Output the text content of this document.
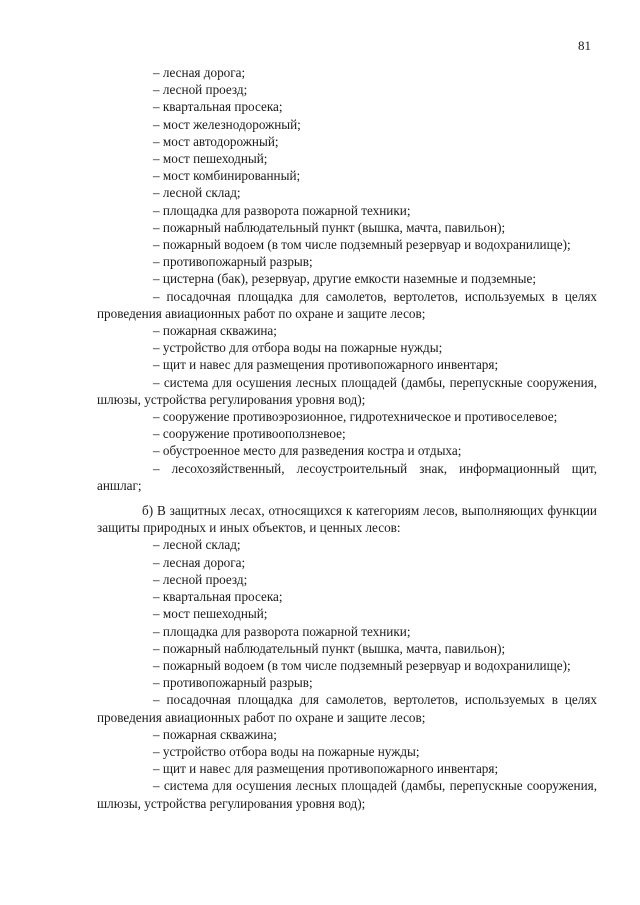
81

– лесная дорога;

– лесной проезд;

– квартальная просека;

– мост железнодорожный;

– мост автодорожный;

– мост пешеходный;

– мост комбинированный;

– лесной склад;

– площадка для разворота пожарной техники;

– пожарный наблюдательный пункт (вышка, мачта, павильон);

– пожарный водоем (в том числе подземный резервуар и водохранилище);

– противопожарный разрыв;

– цистерна (бак), резервуар, другие емкости наземные и подземные;

– посадочная площадка для самолетов, вертолетов, используемых в целях проведения авиационных работ по охране и защите лесов;

– пожарная скважина;

– устройство для отбора воды на пожарные нужды;

– щит и навес для размещения противопожарного инвентаря;

– система для осушения лесных площадей (дамбы, перепускные сооружения, шлюзы, устройства регулирования уровня вод);

– сооружение противоэрозионное, гидротехническое и противоселевое;

– сооружение противооползневое;

– обустроенное место для разведения костра и отдыха;

– лесохозяйственный, лесоустроительный знак, информационный щит, аншлаг;

б) В защитных лесах, относящихся к категориям лесов, выполняющих функции защиты природных и иных объектов, и ценных лесов:

– лесной склад;

– лесная дорога;

– лесной проезд;

– квартальная просека;

– мост пешеходный;

– площадка для разворота пожарной техники;

– пожарный наблюдательный пункт (вышка, мачта, павильон);

– пожарный водоем (в том числе подземный резервуар и водохранилище);

– противопожарный разрыв;

– посадочная площадка для самолетов, вертолетов, используемых в целях проведения авиационных работ по охране и защите лесов;

– пожарная скважина;

– устройство отбора воды на пожарные нужды;

– щит и навес для размещения противопожарного инвентаря;

– система для осушения лесных площадей (дамбы, перепускные сооружения, шлюзы, устройства регулирования уровня вод);
